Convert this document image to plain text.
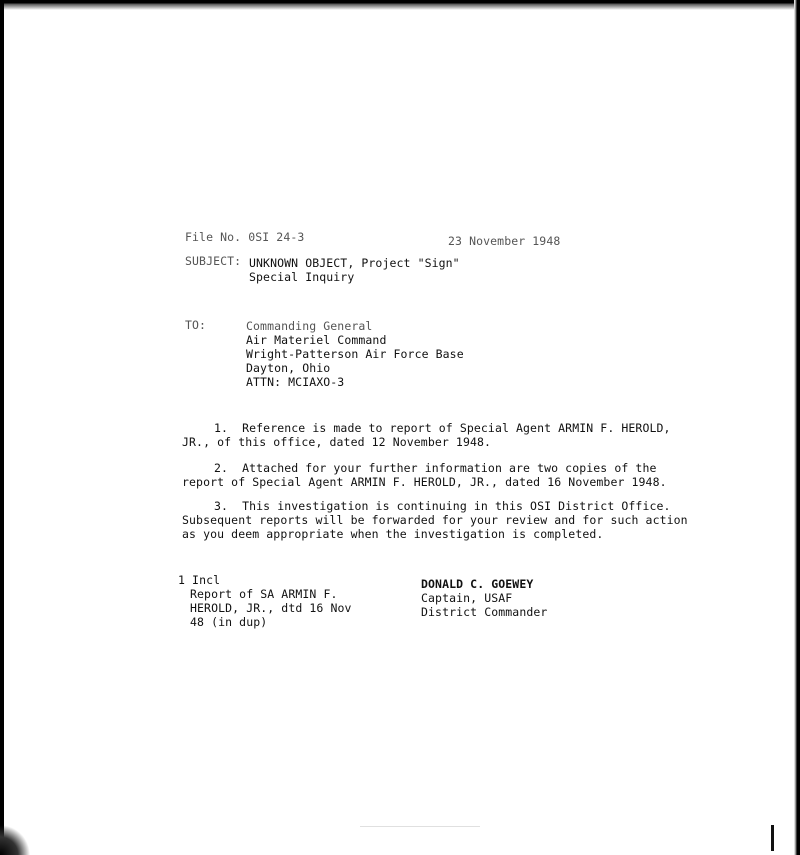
File No. 0SI 24-3	23 November 1948
SUBJECT: UNKNOWN OBJECT, Project "Sign"
Special Inquiry
TO:	Commanding General
Air Materiel Command
Wright-Patterson Air Force Base
Dayton, Ohio
ATTN: MCIAXO-3
1.  Reference is made to report of Special Agent ARMIN F. HEROLD,
JR., of this office, dated 12 November 1948.
2.  Attached for your further information are two copies of the
report of Special Agent ARMIN F. HEROLD, JR., dated 16 November 1948.
3.  This investigation is continuing in this OSI District Office.
Subsequent reports will be forwarded for your review and for such action
as you deem appropriate when the investigation is completed.
1 Incl
Report of SA ARMIN F.
HEROLD, JR., dtd 16 Nov
48 (in dup)
DONALD C. GOEWEY
Captain, USAF
District Commander
